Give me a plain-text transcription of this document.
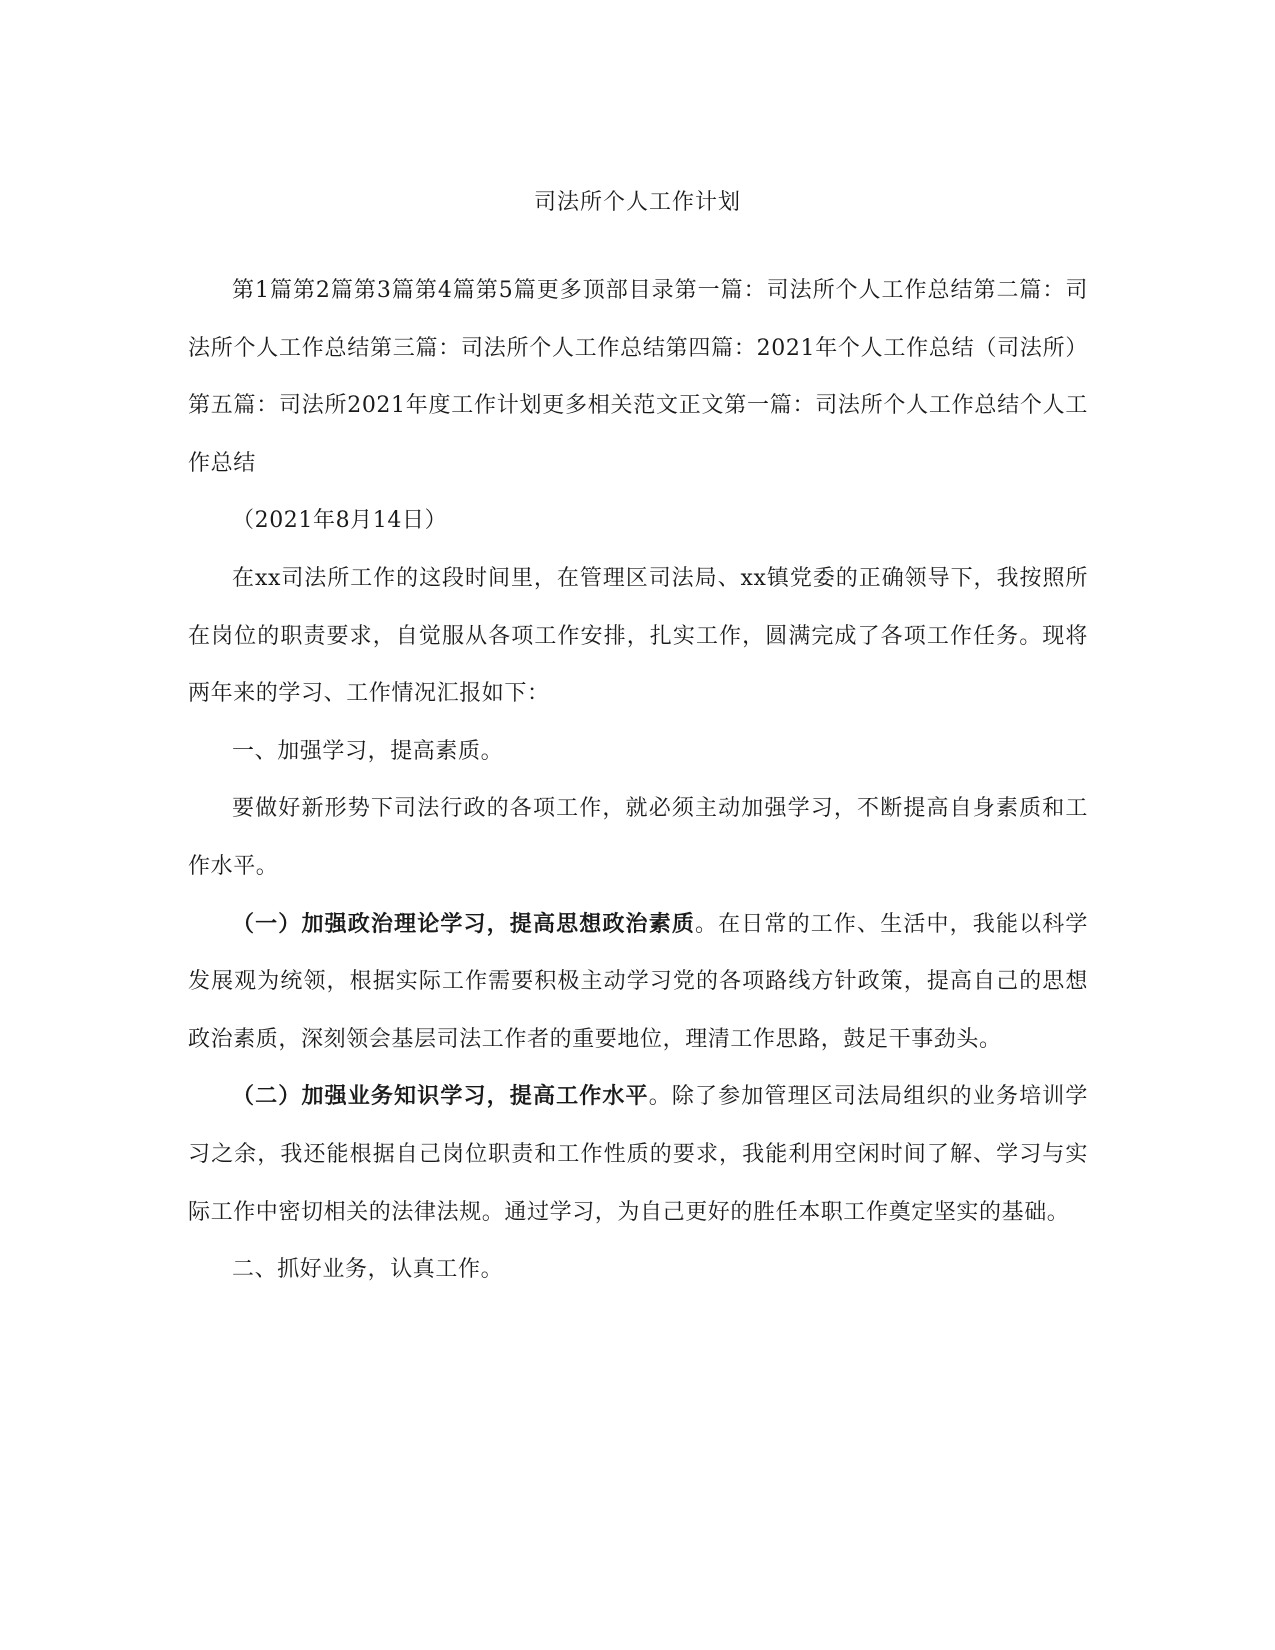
司法所个人工作计划

第1篇第2篇第3篇第4篇第5篇更多顶部目录第一篇：司法所个人工作总结第二篇：司法所个人工作总结第三篇：司法所个人工作总结第四篇：2021年个人工作总结（司法所）第五篇：司法所2021年度工作计划更多相关范文正文第一篇：司法所个人工作总结个人工作总结

（2021年8月14日）

在xx司法所工作的这段时间里，在管理区司法局、xx镇党委的正确领导下，我按照所在岗位的职责要求，自觉服从各项工作安排，扎实工作，圆满完成了各项工作任务。现将两年来的学习、工作情况汇报如下：

一、加强学习，提高素质。

要做好新形势下司法行政的各项工作，就必须主动加强学习，不断提高自身素质和工作水平。

（一）加强政治理论学习，提高思想政治素质。在日常的工作、生活中，我能以科学发展观为统领，根据实际工作需要积极主动学习党的各项路线方针政策，提高自己的思想政治素质，深刻领会基层司法工作者的重要地位，理清工作思路，鼓足干事劲头。

（二）加强业务知识学习，提高工作水平。除了参加管理区司法局组织的业务培训学习之余，我还能根据自己岗位职责和工作性质的要求，我能利用空闲时间了解、学习与实际工作中密切相关的法律法规。通过学习，为自己更好的胜任本职工作奠定坚实的基础。

二、抓好业务，认真工作。
